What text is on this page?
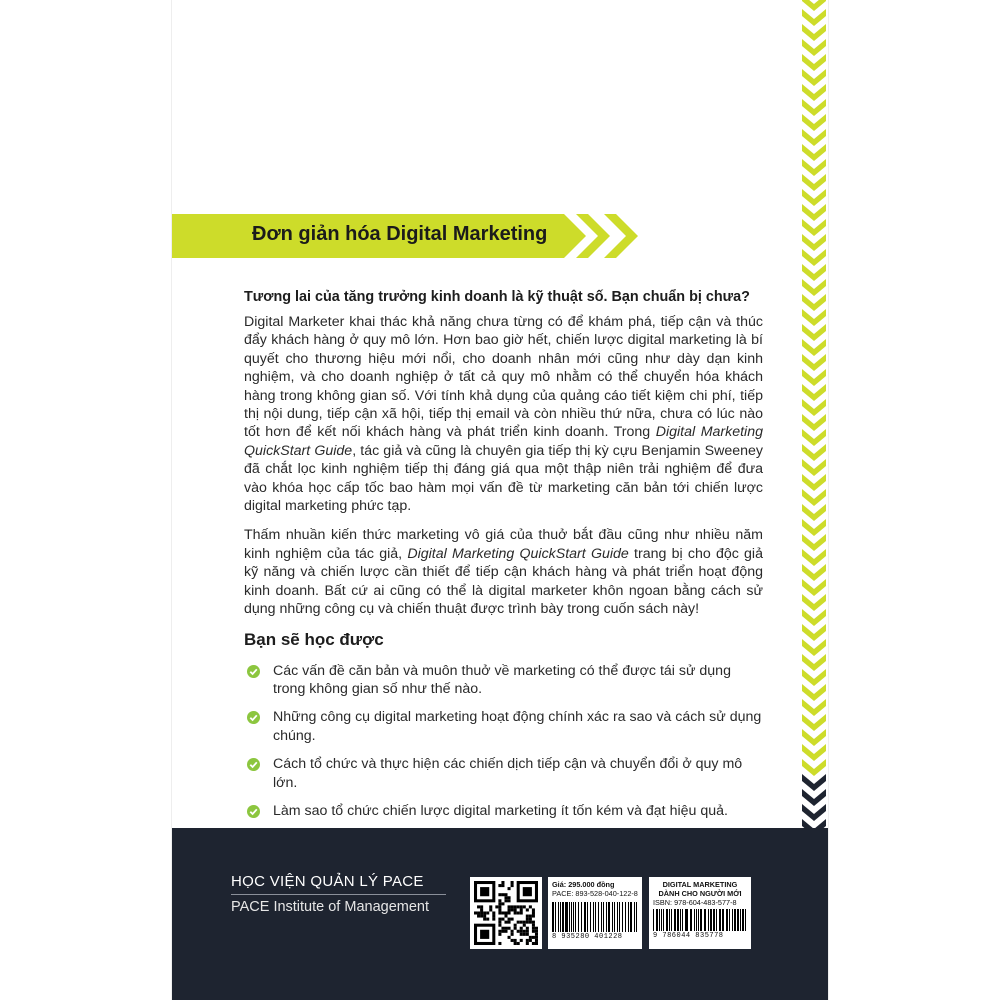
Đơn giản hóa Digital Marketing
Tương lai của tăng trưởng kinh doanh là kỹ thuật số. Bạn chuẩn bị chưa?

Digital Marketer khai thác khả năng chưa từng có để khám phá, tiếp cận và thúc đẩy khách hàng ở quy mô lớn. Hơn bao giờ hết, chiến lược digital marketing là bí quyết cho thương hiệu mới nổi, cho doanh nhân mới cũng như dày dạn kinh nghiệm, và cho doanh nghiệp ở tất cả quy mô nhằm có thể chuyển hóa khách hàng trong không gian số. Với tính khả dụng của quảng cáo tiết kiệm chi phí, tiếp thị nội dung, tiếp cận xã hội, tiếp thị email và còn nhiều thứ nữa, chưa có lúc nào tốt hơn để kết nối khách hàng và phát triển kinh doanh. Trong Digital Marketing QuickStart Guide, tác giả và cũng là chuyên gia tiếp thị kỳ cựu Benjamin Sweeney đã chắt lọc kinh nghiệm tiếp thị đáng giá qua một thập niên trải nghiệm để đưa vào khóa học cấp tốc bao hàm mọi vấn đề từ marketing căn bản tới chiến lược digital marketing phức tạp.

Thấm nhuần kiến thức marketing vô giá của thuở bắt đầu cũng như nhiều năm kinh nghiệm của tác giả, Digital Marketing QuickStart Guide trang bị cho độc giả kỹ năng và chiến lược cần thiết để tiếp cận khách hàng và phát triển hoạt động kinh doanh. Bất cứ ai cũng có thể là digital marketer khôn ngoan bằng cách sử dụng những công cụ và chiến thuật được trình bày trong cuốn sách này!

Bạn sẽ học được
Các vấn đề căn bản và muôn thuở về marketing có thể được tái sử dụng trong không gian số như thế nào.
Những công cụ digital marketing hoạt động chính xác ra sao và cách sử dụng chúng.
Cách tổ chức và thực hiện các chiến dịch tiếp cận và chuyển đổi ở quy mô lớn.
Làm sao tổ chức chiến lược digital marketing ít tốn kém và đạt hiệu quả.
HỌC VIỆN QUẢN LÝ PACE
PACE Institute of Management
Giá: 295.000 đồng
PACE: 893-528-040-122-8
8 935280 401228
DIGITAL MARKETING
DÀNH CHO NGƯỜI MỚI
ISBN: 978-604-483-577-8
9 786044 835778
